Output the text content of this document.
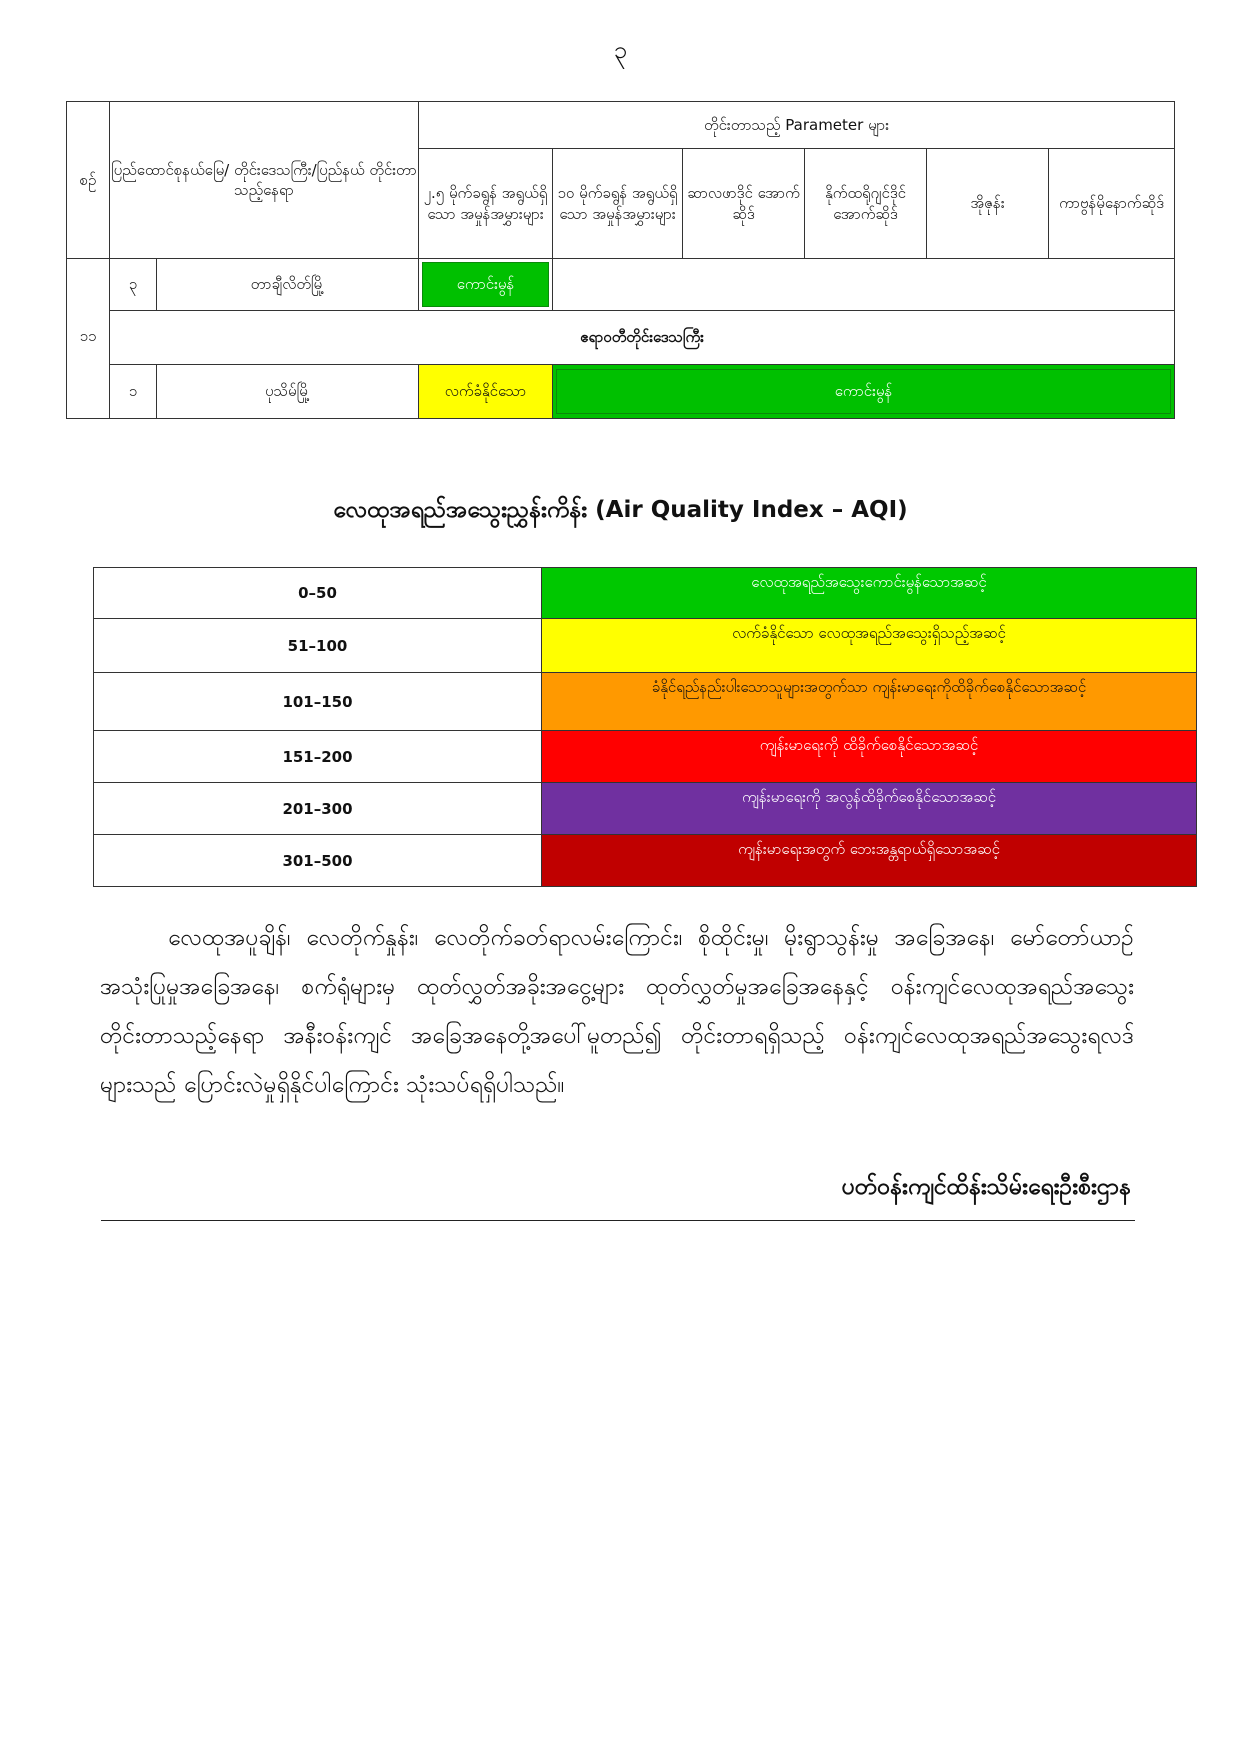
၃
စဉ်	ပြည်ထောင်စုနယ်မြေ/ တိုင်းဒေသကြီး/ပြည်နယ် တိုင်းတာသည့်နေရာ		တိုင်းတာသည့် Parameter များ					
			၂.၅ မိုက်ခရွန် အရွယ်ရှိသော အမှုန်အမွှားများ	၁၀ မိုက်ခရွန် အရွယ်ရှိသော အမှုန်အမွှားများ	ဆာလဖာဒိုင် အောက်ဆိုဒ်	နိုက်ထရိုဂျင်ဒိုင် အောက်ဆိုဒ်	အိုဇုန်း	ကာဗွန်မိုနောက်ဆိုဒ်

၁၁	၃	တာချီလိတ်မြို့	ကောင်းမွန်					

	ဧရာဝတီတိုင်းဒေသကြီး							
	၁	ပုသိမ်မြို့	လက်ခံနိုင်သော	ကောင်းမွန်				
လေထုအရည်အသွေးညွှန်းကိန်း (Air Quality Index – AQI)
0–50	လေထုအရည်အသွေးကောင်းမွန်သောအဆင့်
51–100	လက်ခံနိုင်သော လေထုအရည်အသွေးရှိသည့်အဆင့်
101–150	ခံနိုင်ရည်နည်းပါးသောသူများအတွက်သာ ကျန်းမာရေးကိုထိခိုက်စေနိုင်သောအဆင့်
151–200	ကျန်းမာရေးကို ထိခိုက်စေနိုင်သောအဆင့်
201–300	ကျန်းမာရေးကို အလွန်ထိခိုက်စေနိုင်သောအဆင့်
301–500	ကျန်းမာရေးအတွက် ဘေးအန္တရာယ်ရှိသောအဆင့်
လေထုအပူချိန်၊ လေတိုက်နှုန်း၊ လေတိုက်ခတ်ရာလမ်းကြောင်း၊ စိုထိုင်းမှု၊ မိုးရွာသွန်းမှု အခြေအနေ၊ မော်တော်ယာဉ်အသုံးပြုမှုအခြေအနေ၊ စက်ရုံများမှ ထုတ်လွှတ်အခိုးအငွေ့များ ထုတ်လွှတ်မှုအခြေအနေနှင့် ဝန်းကျင်လေထုအရည်အသွေးတိုင်းတာသည့်နေရာ အနီးဝန်းကျင် အခြေအနေတို့အပေါ်မူတည်၍ တိုင်းတာရရှိသည့် ဝန်းကျင်လေထုအရည်အသွေးရလဒ်များသည် ပြောင်းလဲမှုရှိနိုင်ပါကြောင်း သုံးသပ်ရရှိပါသည်။
ပတ်ဝန်းကျင်ထိန်းသိမ်းရေးဦးစီးဌာန
